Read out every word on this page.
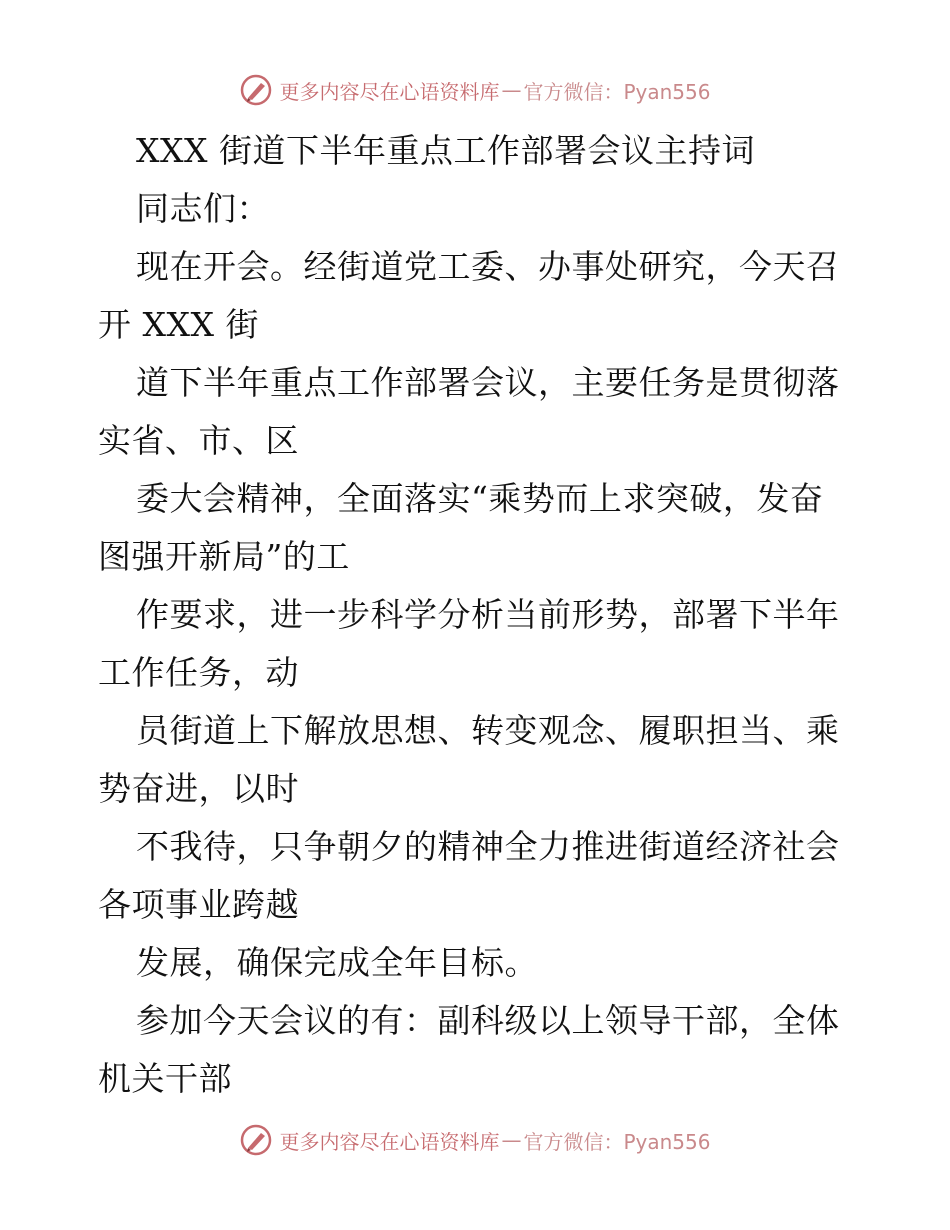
更多内容尽在心语资料库 — 官方微信：Pyan556
XXX 街道下半年重点工作部署会议主持词
同志们：
现在开会。经街道党工委、办事处研究，今天召
开 XXX 街
道下半年重点工作部署会议，主要任务是贯彻落
实省、市、区
委大会精神，全面落实“乘势而上求突破，发奋
图强开新局”的工
作要求，进一步科学分析当前形势，部署下半年
工作任务，动
员街道上下解放思想、转变观念、履职担当、乘
势奋进，以时
不我待，只争朝夕的精神全力推进街道经济社会
各项事业跨越
发展，确保完成全年目标。
参加今天会议的有：副科级以上领导干部，全体
机关干部
更多内容尽在心语资料库 — 官方微信：Pyan556
